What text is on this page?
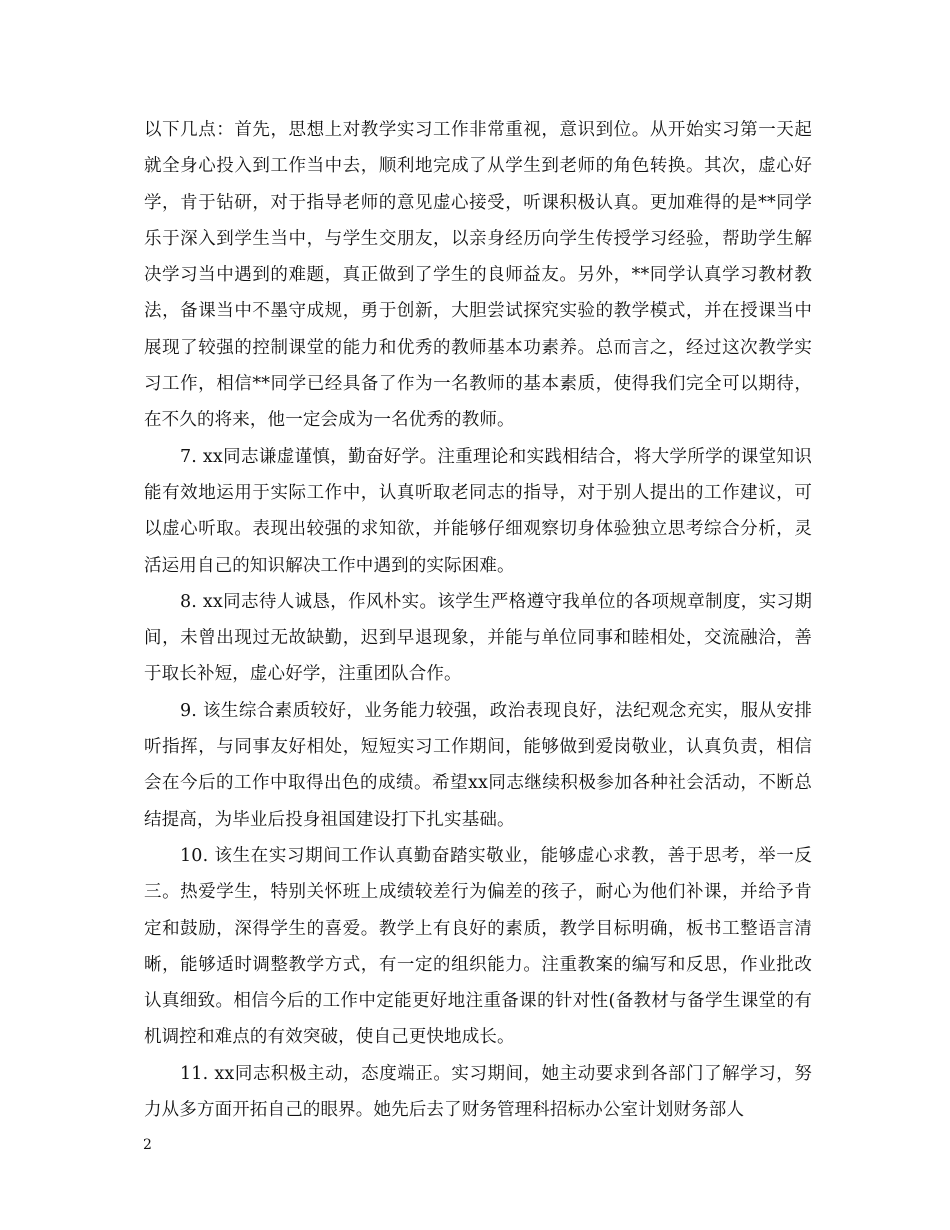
以下几点：首先，思想上对教学实习工作非常重视，意识到位。从开始实习第一天起就全身心投入到工作当中去，顺利地完成了从学生到老师的角色转换。其次，虚心好学，肯于钻研，对于指导老师的意见虚心接受，听课积极认真。更加难得的是**同学乐于深入到学生当中，与学生交朋友，以亲身经历向学生传授学习经验，帮助学生解决学习当中遇到的难题，真正做到了学生的良师益友。另外，**同学认真学习教材教法，备课当中不墨守成规，勇于创新，大胆尝试探究实验的教学模式，并在授课当中展现了较强的控制课堂的能力和优秀的教师基本功素养。总而言之，经过这次教学实习工作，相信**同学已经具备了作为一名教师的基本素质，使得我们完全可以期待，在不久的将来，他一定会成为一名优秀的教师。

7. xx同志谦虚谨慎，勤奋好学。注重理论和实践相结合，将大学所学的课堂知识能有效地运用于实际工作中，认真听取老同志的指导，对于别人提出的工作建议，可以虚心听取。表现出较强的求知欲，并能够仔细观察切身体验独立思考综合分析，灵活运用自己的知识解决工作中遇到的实际困难。

8. xx同志待人诚恳，作风朴实。该学生严格遵守我单位的各项规章制度，实习期间，未曾出现过无故缺勤，迟到早退现象，并能与单位同事和睦相处，交流融洽，善于取长补短，虚心好学，注重团队合作。

9. 该生综合素质较好，业务能力较强，政治表现良好，法纪观念充实，服从安排听指挥，与同事友好相处，短短实习工作期间，能够做到爱岗敬业，认真负责，相信会在今后的工作中取得出色的成绩。希望xx同志继续积极参加各种社会活动，不断总结提高，为毕业后投身祖国建设打下扎实基础。

10. 该生在实习期间工作认真勤奋踏实敬业，能够虚心求教，善于思考，举一反三。热爱学生，特别关怀班上成绩较差行为偏差的孩子，耐心为他们补课，并给予肯定和鼓励，深得学生的喜爱。教学上有良好的素质，教学目标明确，板书工整语言清晰，能够适时调整教学方式，有一定的组织能力。注重教案的编写和反思，作业批改认真细致。相信今后的工作中定能更好地注重备课的针对性(备教材与备学生课堂的有机调控和难点的有效突破，使自己更快地成长。

11. xx同志积极主动，态度端正。实习期间，她主动要求到各部门了解学习，努力从多方面开拓自己的眼界。她先后去了财务管理科招标办公室计划财务部人

2
